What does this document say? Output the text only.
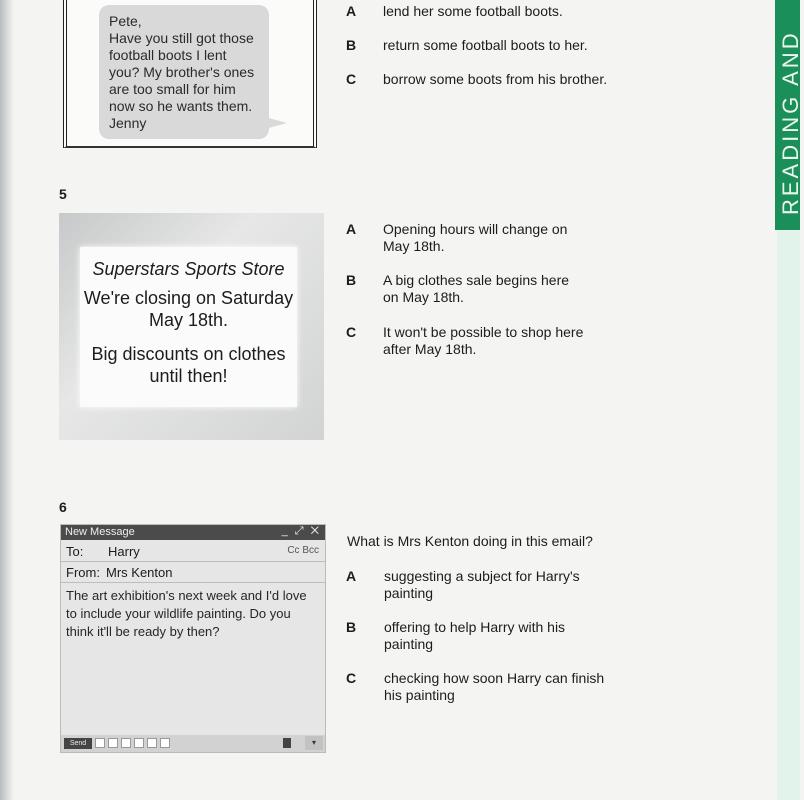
READING AND

Pete,

Have you still got those football boots I lent you? My brother's ones are too small for him now so he wants them.

Jenny

A lend her some football boots.
B return some football boots to her.
C borrow some boots from his brother.
5
Superstars Sports Store
We're closing on Saturday May 18th.
Big discounts on clothes until then!
A Opening hours will change on May 18th.
B A big clothes sale begins here on May 18th.
C It won't be possible to shop here after May 18th.
6
New Message	_ ⤢ ✕
To: Harry	Cc Bcc
From: Mrs Kenton
The art exhibition's next week and I'd love to include your wildlife painting. Do you think it'll be ready by then?
Send	▾
What is Mrs Kenton doing in this email?
A suggesting a subject for Harry's painting
B offering to help Harry with his painting
C checking how soon Harry can finish his painting
